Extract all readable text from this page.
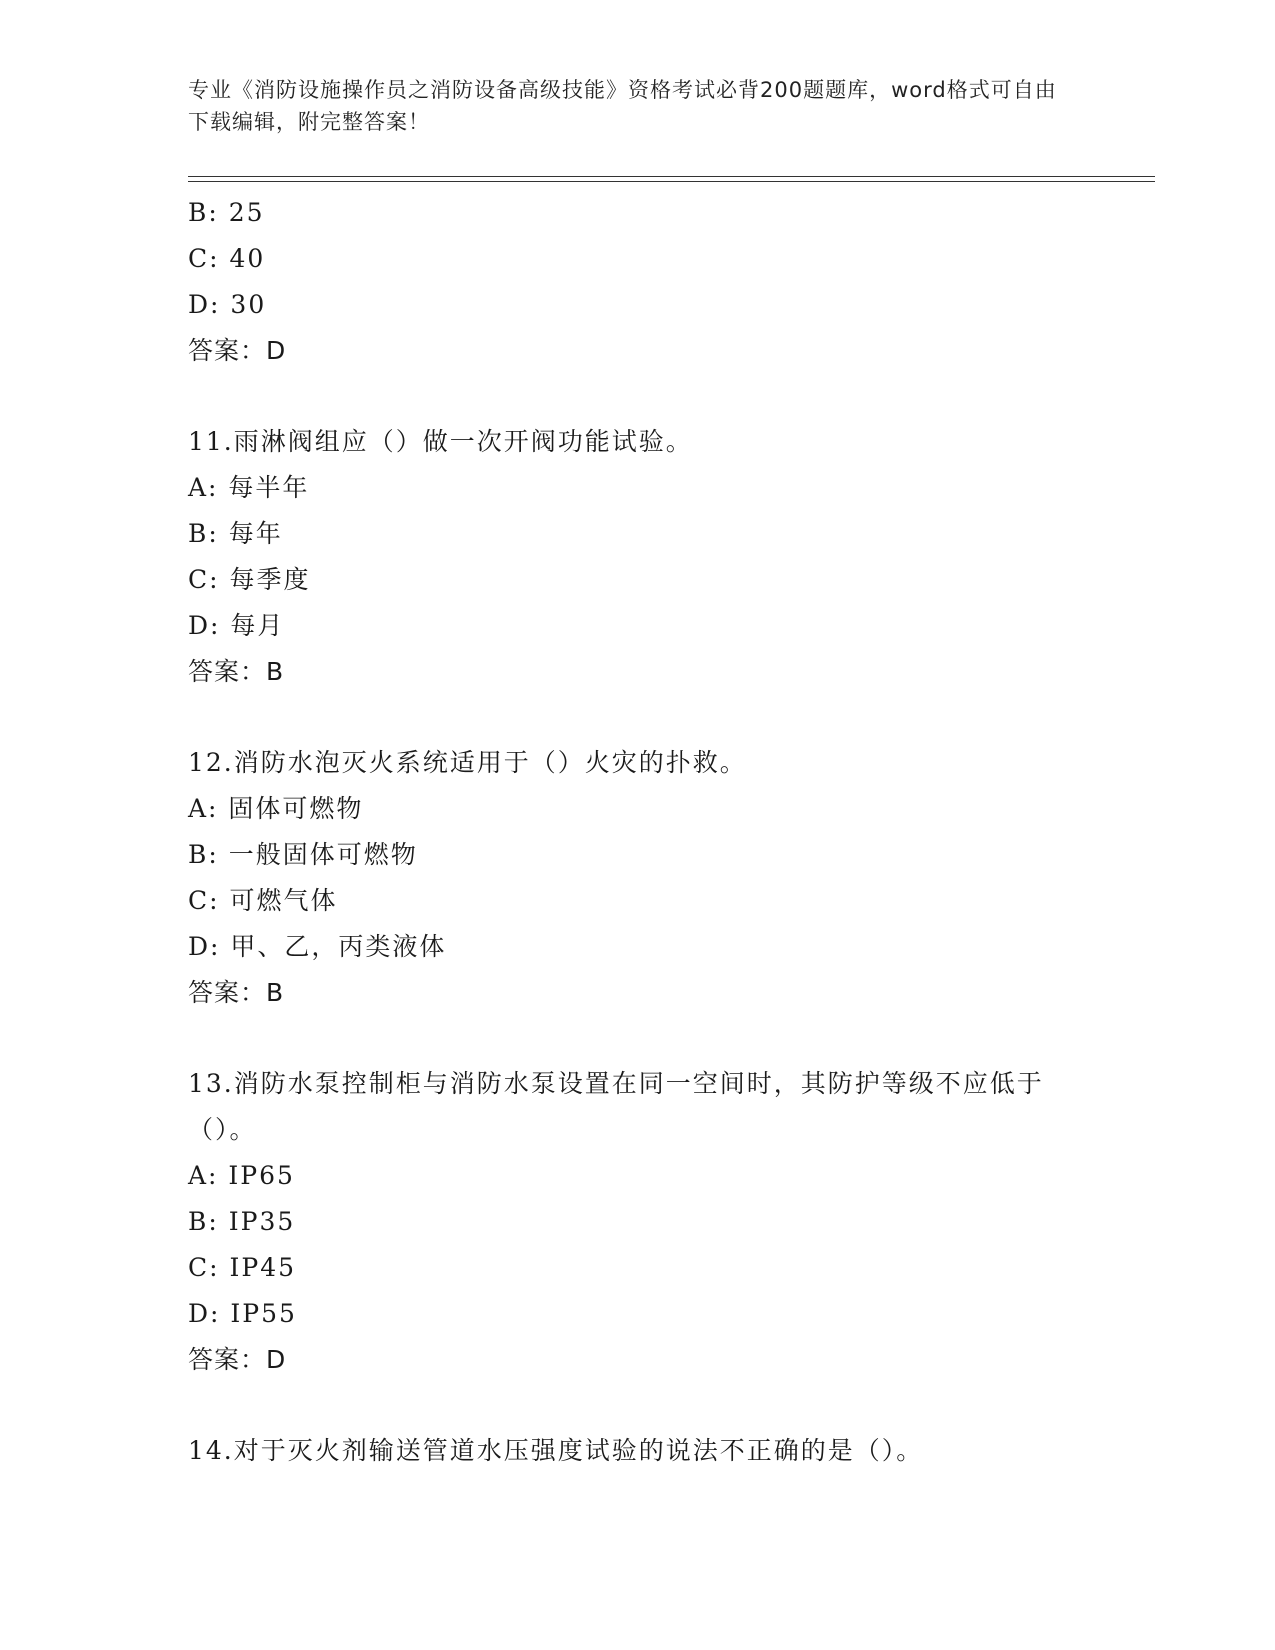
专业《消防设施操作员之消防设备高级技能》资格考试必背200题题库，word格式可自由下载编辑，附完整答案！
B: 25
C: 40
D: 30
答案：D
11.雨淋阀组应（）做一次开阀功能试验。
A: 每半年
B: 每年
C: 每季度
D: 每月
答案：B
12.消防水泡灭火系统适用于（）火灾的扑救。
A: 固体可燃物
B: 一般固体可燃物
C: 可燃气体
D: 甲、乙，丙类液体
答案：B
13.消防水泵控制柜与消防水泵设置在同一空间时，其防护等级不应低于（）。
A: IP65
B: IP35
C: IP45
D: IP55
答案：D
14.对于灭火剂输送管道水压强度试验的说法不正确的是（）。
